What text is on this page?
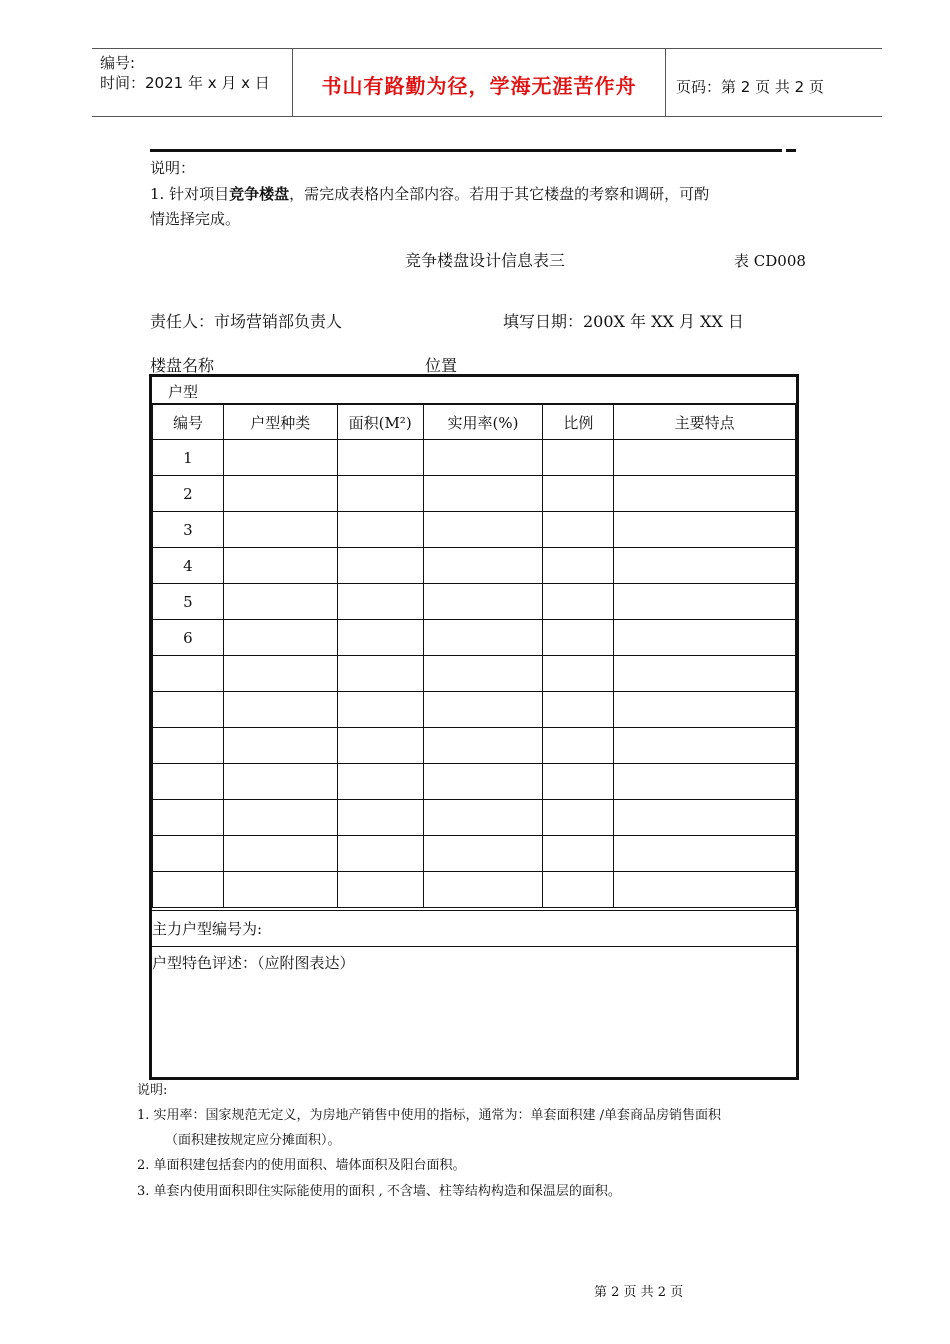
编号:
时间：2021 年 x 月 x 日	书山有路勤为径，学海无涯苦作舟	页码：第 2 页 共 2 页
说明：
1. 针对项目竞争楼盘，需完成表格内全部内容。若用于其它楼盘的考察和调研，可酌
情选择完成。
竞争楼盘设计信息表三	表 CD008
责任人：市场营销部负责人	填写日期：200X 年 XX 月 XX 日
楼盘名称	位置
户型
编号	户型种类	面积(M²)	实用率(%)	比例	主要特点
1					
2					
3					
4					
5					
6					

主力户型编号为:
户型特色评述：（应附图表达）
说明:
1. 实用率：国家规范无定义，为房地产销售中使用的指标，通常为：单套面积建 /单套商品房销售面积
（面积建按规定应分摊面积）。
2. 单面积建包括套内的使用面积、墙体面积及阳台面积。
3. 单套内使用面积即住实际能使用的面积 , 不含墙、柱等结构构造和保温层的面积。
第 2 页 共 2 页
